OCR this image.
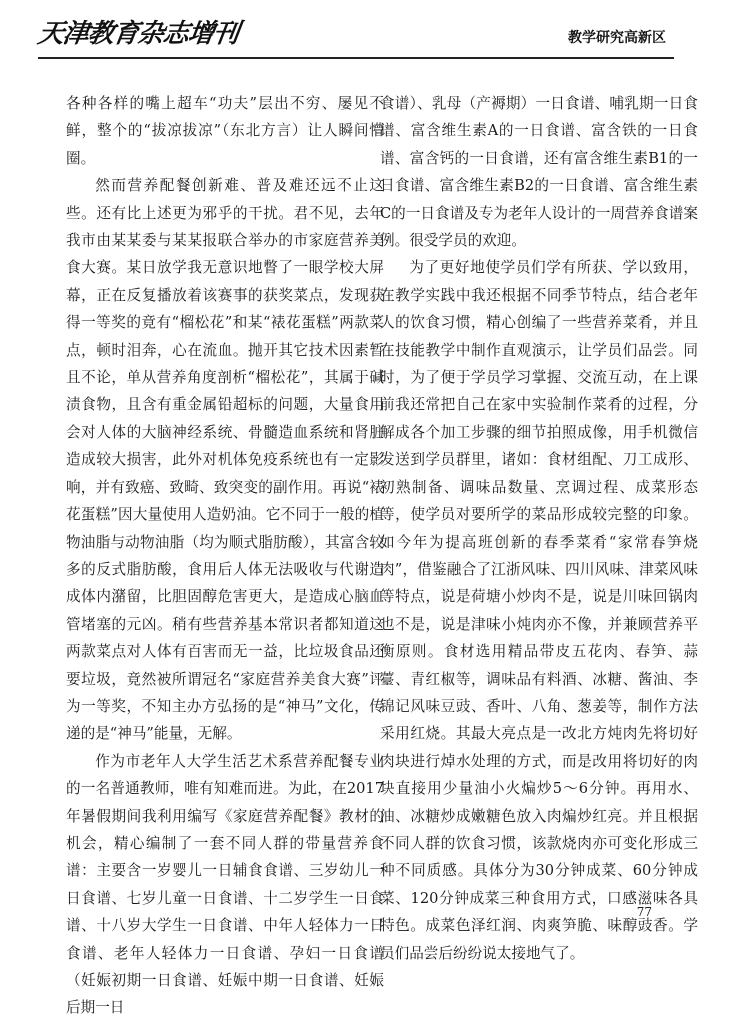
天津教育杂志增刊	教学研究高新区

各种各样的嘴上超车“功夫”层出不穷、屡见不鲜，整个的“拔凉拔凉”（东北方言）让人瞬间懵圈。

然而营养配餐创新难、普及难还远不止这些。还有比上述更为邪乎的干扰。君不见，去年我市由某某委与某某报联合举办的市家庭营养美食大赛。某日放学我无意识地瞥了一眼学校大屏幕，正在反复播放着该赛事的获奖菜点，发现获得一等奖的竟有“榴松花”和某“裱花蛋糕”两款菜点，顿时泪奔，心在流血。抛开其它技术因素暂且不论，单从营养角度剖析“榴松花”，其属于碱渍食物，且含有重金属铅超标的问题，大量食用会对人体的大脑神经系统、骨髓造血系统和肾脏造成较大损害，此外对机体免疫系统也有一定影响，并有致癌、致畸、致突变的副作用。再说“裱花蛋糕”因大量使用人造奶油。它不同于一般的植物油脂与动物油脂（均为顺式脂肪酸），其富含较多的反式脂肪酸，食用后人体无法吸收与代谢造成体内潴留，比胆固醇危害更大，是造成心脑血管堵塞的元凶。稍有些营养基本常识者都知道这两款菜点对人体有百害而无一益，比垃圾食品还要垃圾，竟然被所谓冠名“家庭营养美食大赛”评为一等奖，不知主办方弘扬的是“神马”文化，传递的是“神马”能量，无解。

作为市老年人大学生活艺术系营养配餐专业的一名普通教师，唯有知难而进。为此，在2017年暑假期间我利用编写《家庭营养配餐》教材的机会，精心编制了一套不同人群的带量营养食谱：主要含一岁婴儿一日辅食食谱、三岁幼儿一日食谱、七岁儿童一日食谱、十二岁学生一日食谱、十八岁大学生一日食谱、中年人轻体力一日食谱、老年人轻体力一日食谱、孕妇一日食谱（妊娠初期一日食谱、妊娠中期一日食谱、妊娠后期一日

食谱）、乳母（产褥期）一日食谱、哺乳期一日食谱、富含维生素A的一日食谱、富含铁的一日食谱、富含钙的一日食谱，还有富含维生素B1的一日食谱、富含维生素B2的一日食谱、富含维生素C的一日食谱及专为老年人设计的一周营养食谱案例。很受学员的欢迎。

为了更好地使学员们学有所获、学以致用，在教学实践中我还根据不同季节特点，结合老年人的饮食习惯，精心创编了一些营养菜肴，并且在技能教学中制作直观演示，让学员们品尝。同时，为了便于学员学习掌握、交流互动，在上课前我还常把自己在家中实验制作菜肴的过程，分解成各个加工步骤的细节拍照成像，用手机微信发送到学员群里，诸如：食材组配、刀工成形、初熟制备、调味品数量、烹调过程、成菜形态等，使学员对要所学的菜品形成较完整的印象。如今年为提高班创新的春季菜肴“家常春笋烧肉”，借鉴融合了江浙风味、四川风味、津菜风味等特点，说是荷塘小炒肉不是，说是川味回锅肉也不是，说是津味小炖肉亦不像，并兼顾营养平衡原则。食材选用精品带皮五花肉、春笋、蒜薹、青红椒等，调味品有料酒、冰糖、酱油、李锦记风味豆豉、香叶、八角、葱姜等，制作方法采用红烧。其最大亮点是一改北方炖肉先将切好肉块进行焯水处理的方式，而是改用将切好的肉块直接用少量油小火煸炒5～6分钟。再用水、油、冰糖炒成嫩糖色放入肉煸炒红亮。并且根据不同人群的饮食习惯，该款烧肉亦可变化形成三种不同质感。具体分为30分钟成菜、60分钟成菜、120分钟成菜三种食用方式，口感滋味各具特色。成菜色泽红润、肉爽笋脆、味醇豉香。学员们品尝后纷纷说太接地气了。

77
